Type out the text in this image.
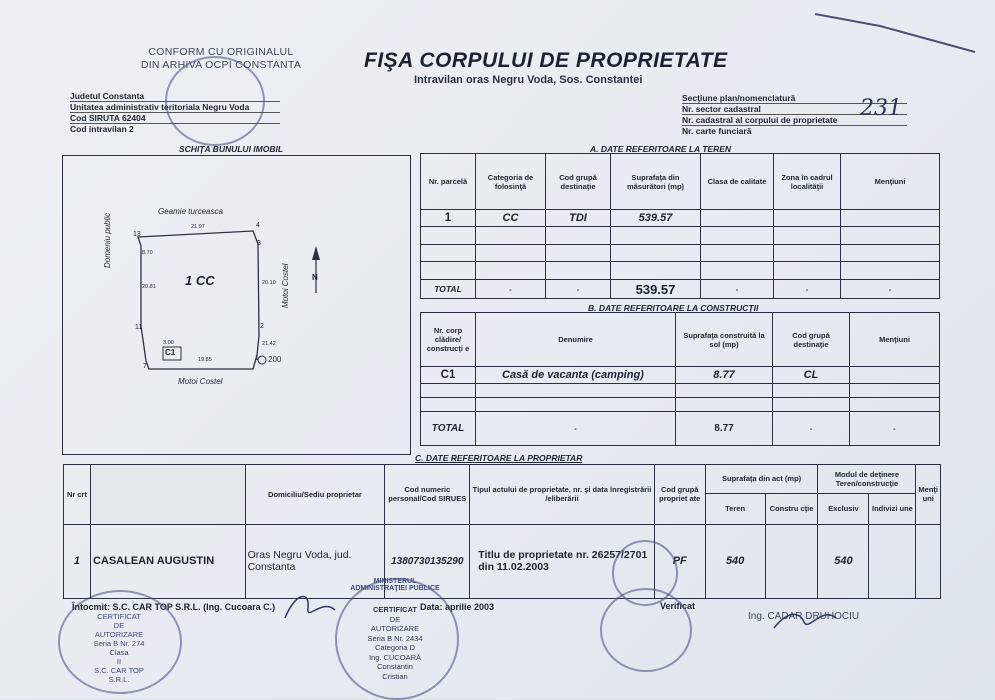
CONFORM CU ORIGINALUL
DIN ARHIVA OCPI CONSTANTA
Judetul Constanta
Unitatea administrativ teritoriala Negru Voda
Cod SIRUTA 62404
Cod intravilan 2
FIŞA CORPULUI DE PROPRIETATE
Intravilan oras Negru Voda, Sos. Constantei
Secţiune plan/nomenclatură
Nr. sector cadastral
Nr. cadastral al corpului de proprietate
Nr. carte funciară
231
SCHIŢA BUNULUI IMOBIL
Geamie turceasca
Domeniu public
Motoi Costel
Motoi Costel
1 CC
C1
13
4
3
11	2
7
1
21.97
19.85
20.10
20.81
8.70
3.00	21.42
N
200
A. DATE REFERITOARE LA TEREN
Nr. parcelă	Categoria de folosinţă	Cod grupă destinaţie	Suprafaţa din măsurători (mp)	Clasa de calitate	Zona în cadrul localităţii	Menţiuni
1	CC	TDI	539.57			

TOTAL	-	-	539.57	-	-	-
B. DATE REFERITOARE LA CONSTRUCŢII
Nr. corp clădire/ construcţi e	Denumire	Suprafaţa construită la sol (mp)	Cod grupă destinaţie	Menţiuni
C1	Casă de vacanta (camping)	8.77	CL	

TOTAL	-	8.77	-	-
C. DATE REFERITOARE LA PROPRIETAR
Nr crt		Domiciliu/Sediu proprietar	Cod numeric personal/Cod SIRUES	Tipul actului de proprietate, nr. şi data înregistrării /eliberării	Cod grupă propriet ate	Suprafaţa din act (mp)		Modul de deţinere Teren/construcţie		Menţi uni
						Teren	Constru cţie	Exclusiv	Indivizi une	
1	CASALEAN AUGUSTIN	Oras Negru Voda, jud. Constanta	1380730135290	Titlu de proprietate nr. 26257/2701 din 11.02.2003	PF	540		540		
Întocmit: S.C. CAR TOP S.R.L. (Ing. Cucoara C.)	Data: aprilie 2003	Verificat
Ing. CADAR DRUHOCIU
CERTIFICAT
DE
AUTORIZARE
Seria B Nr. 274
Clasa
II
S.C. CAR TOP S.R.L.
MINISTERUL ADMINISTRAŢIEI PUBLICE
CERTIFICAT
DE
AUTORIZARE
Seria B Nr. 2434
Categoria D
Ing. CUCOARĂ
Constantin
Cristian
